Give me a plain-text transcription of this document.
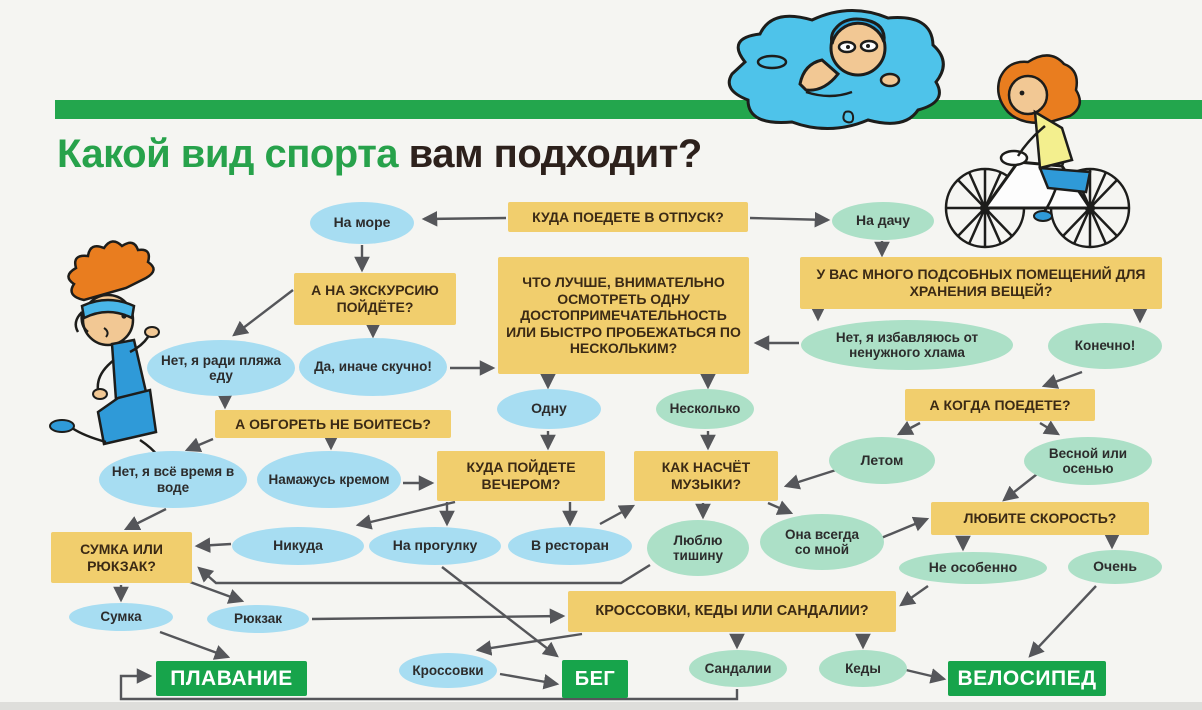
Какой вид спорта вам подходит?
На море	КУДА ПОЕДЕТЕ В ОТПУСК?	На дачу
А НА ЭКСКУРСИЮ ПОЙДЁТЕ?
ЧТО ЛУЧШЕ, ВНИМАТЕЛЬНО ОСМОТРЕТЬ ОДНУ ДОСТОПРИМЕЧАТЕЛЬНОСТЬ ИЛИ БЫСТРО ПРОБЕЖАТЬСЯ ПО НЕСКОЛЬКИМ?
У ВАС МНОГО ПОДСОБНЫХ ПОМЕЩЕНИЙ ДЛЯ ХРАНЕНИЯ ВЕЩЕЙ?
Нет, я ради пляжа еду
Да, иначе скучно!
Нет, я избавляюсь от ненужного хлама	Конечно!
А ОБГОРЕТЬ НЕ БОИТЕСЬ?
Одну	Несколько	А КОГДА ПОЕДЕТЕ?
Летом	Весной или осенью
Нет, я всё время в воде
Намажусь кремом
КУДА ПОЙДЕТЕ ВЕЧЕРОМ?
КАК НАСЧЁТ МУЗЫКИ?
ЛЮБИТЕ СКОРОСТЬ?
Люблю тишину
Она всегда со мной
Никуда	На прогулку	В ресторан
Не особенно	Очень
СУМКА ИЛИ РЮКЗАК?
Сумка	Рюкзак	КРОССОВКИ, КЕДЫ ИЛИ САНДАЛИИ?
Кроссовки	Сандалии	Кеды
ПЛАВАНИЕ	БЕГ	ВЕЛОСИПЕД
